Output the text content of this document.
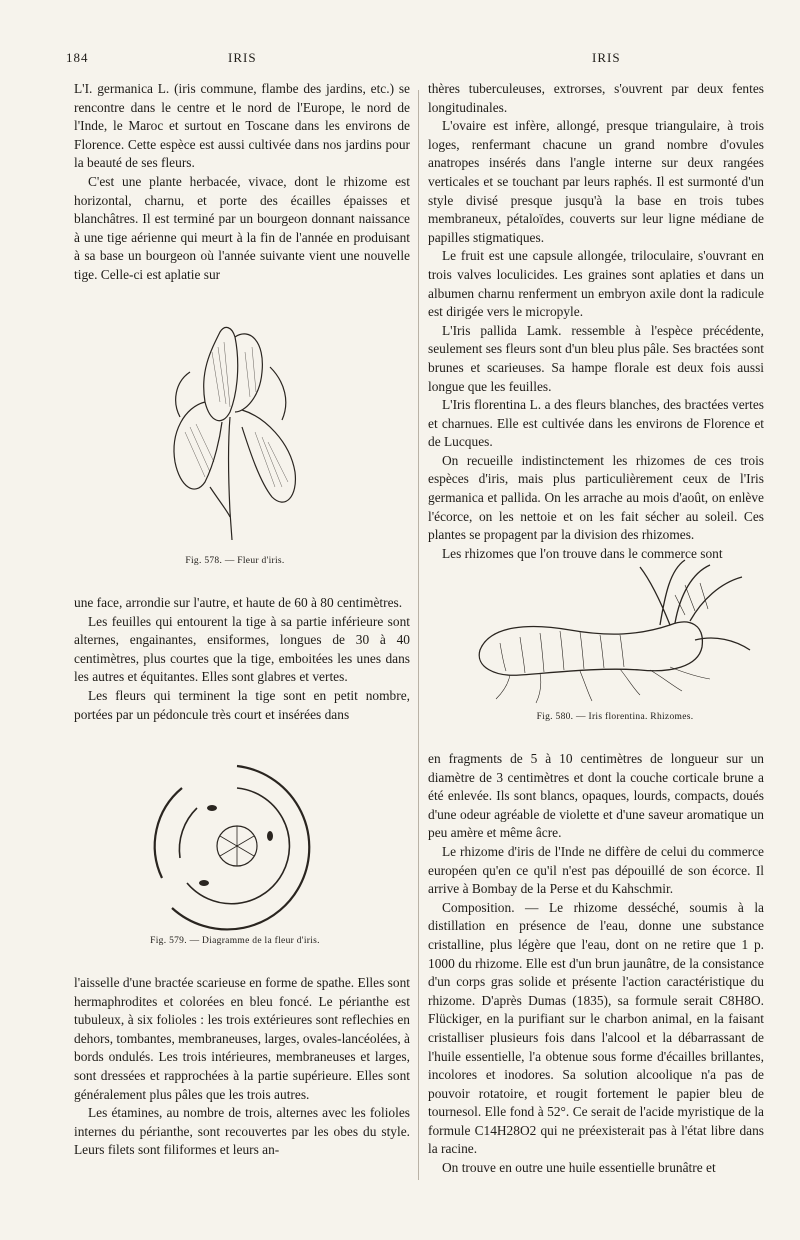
184	IRIS	IRIS

L'I. germanica L. (iris commune, flambe des jardins, etc.) se rencontre dans le centre et le nord de l'Europe, le nord de l'Inde, le Maroc et surtout en Toscane dans les environs de Florence. Cette espèce est aussi cultivée dans nos jardins pour la beauté de ses fleurs.

C'est une plante herbacée, vivace, dont le rhizome est horizontal, charnu, et porte des écailles épaisses et blanchâtres. Il est terminé par un bourgeon donnant naissance à une tige aérienne qui meurt à la fin de l'année en produisant à sa base un bourgeon où l'année suivante vient une nouvelle tige. Celle-ci est aplatie sur

Fig. 578. — Fleur d'iris.

une face, arrondie sur l'autre, et haute de 60 à 80 centimètres.

Les feuilles qui entourent la tige à sa partie inférieure sont alternes, engainantes, ensiformes, longues de 30 à 40 centimètres, plus courtes que la tige, emboitées les unes dans les autres et équitantes. Elles sont glabres et vertes.

Les fleurs qui terminent la tige sont en petit nombre, portées par un pédoncule très court et insérées dans

Fig. 579. — Diagramme de la fleur d'iris.

l'aisselle d'une bractée scarieuse en forme de spathe. Elles sont hermaphrodites et colorées en bleu foncé. Le périanthe est tubuleux, à six folioles : les trois extérieures sont reflechies en dehors, tombantes, membraneuses, larges, ovales-lancéolées, à bords ondulés. Les trois intérieures, membraneuses et larges, sont dressées et rapprochées à la partie supérieure. Elles sont généralement plus pâles que les trois autres.

Les étamines, au nombre de trois, alternes avec les folioles internes du périanthe, sont recouvertes par les obes du style. Leurs filets sont filiformes et leurs an-

thères tuberculeuses, extrorses, s'ouvrent par deux fentes longitudinales.

L'ovaire est infère, allongé, presque triangulaire, à trois loges, renfermant chacune un grand nombre d'ovules anatropes insérés dans l'angle interne sur deux rangées verticales et se touchant par leurs raphés. Il est surmonté d'un style divisé presque jusqu'à la base en trois tubes membraneux, pétaloïdes, couverts sur leur ligne médiane de papilles stigmatiques.

Le fruit est une capsule allongée, triloculaire, s'ouvrant en trois valves loculicides. Les graines sont aplaties et dans un albumen charnu renferment un embryon axile dont la radicule est dirigée vers le micropyle.

L'Iris pallida Lamk. ressemble à l'espèce précédente, seulement ses fleurs sont d'un bleu plus pâle. Ses bractées sont brunes et scarieuses. Sa hampe florale est deux fois aussi longue que les feuilles.

L'Iris florentina L. a des fleurs blanches, des bractées vertes et charnues. Elle est cultivée dans les environs de Florence et de Lucques.

On recueille indistinctement les rhizomes de ces trois espèces d'iris, mais plus particulièrement ceux de l'Iris germanica et pallida. On les arrache au mois d'août, on enlève l'écorce, on les nettoie et on les fait sécher au soleil. Ces plantes se propagent par la division des rhizomes.

Les rhizomes que l'on trouve dans le commerce sont

Fig. 580. — Iris florentina. Rhizomes.

en fragments de 5 à 10 centimètres de longueur sur un diamètre de 3 centimètres et dont la couche corticale brune a été enlevée. Ils sont blancs, opaques, lourds, compacts, doués d'une odeur agréable de violette et d'une saveur aromatique un peu amère et même âcre.

Le rhizome d'iris de l'Inde ne diffère de celui du commerce européen qu'en ce qu'il n'est pas dépouillé de son écorce. Il arrive à Bombay de la Perse et du Kahschmir.

Composition. — Le rhizome desséché, soumis à la distillation en présence de l'eau, donne une substance cristalline, plus légère que l'eau, dont on ne retire que 1 p. 1000 du rhizome. Elle est d'un brun jaunâtre, de la consistance d'un corps gras solide et présente l'action caractéristique du rhizome. D'après Dumas (1835), sa formule serait C8H8O. Flückiger, en la purifiant sur le charbon animal, en la faisant cristalliser plusieurs fois dans l'alcool et la débarrassant de l'huile essentielle, l'a obtenue sous forme d'écailles brillantes, incolores et inodores. Sa solution alcoolique n'a pas de pouvoir rotatoire, et rougit fortement le papier bleu de tournesol. Elle fond à 52°. Ce serait de l'acide myristique de la formule C14H28O2 qui ne préexisterait pas à l'état libre dans la racine.

On trouve en outre une huile essentielle brunâtre et
